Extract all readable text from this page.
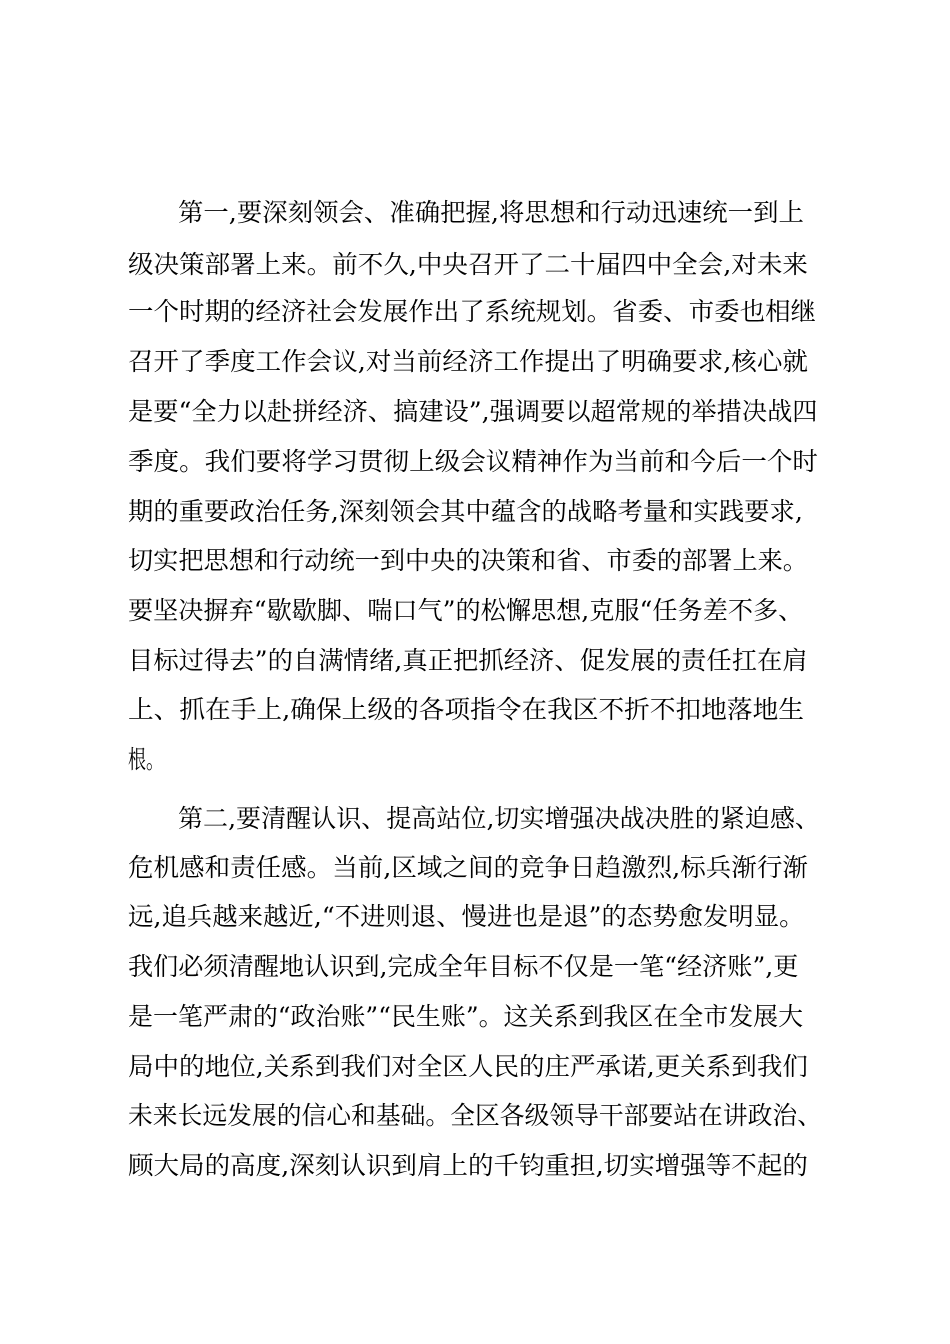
第一,要深刻领会、准确把握,将思想和行动迅速统一到上
级决策部署上来。前不久,中央召开了二十届四中全会,对未来
一个时期的经济社会发展作出了系统规划。省委、市委也相继
召开了季度工作会议,对当前经济工作提出了明确要求,核心就
是要“全力以赴拼经济、搞建设”,强调要以超常规的举措决战四
季度。我们要将学习贯彻上级会议精神作为当前和今后一个时
期的重要政治任务,深刻领会其中蕴含的战略考量和实践要求,
切实把思想和行动统一到中央的决策和省、市委的部署上来。
要坚决摒弃“歇歇脚、喘口气”的松懈思想,克服“任务差不多、
目标过得去”的自满情绪,真正把抓经济、促发展的责任扛在肩
上、抓在手上,确保上级的各项指令在我区不折不扣地落地生
根。
第二,要清醒认识、提高站位,切实增强决战决胜的紧迫感、
危机感和责任感。当前,区域之间的竞争日趋激烈,标兵渐行渐
远,追兵越来越近,“不进则退、慢进也是退”的态势愈发明显。
我们必须清醒地认识到,完成全年目标不仅是一笔“经济账”,更
是一笔严肃的“政治账”“民生账”。这关系到我区在全市发展大
局中的地位,关系到我们对全区人民的庄严承诺,更关系到我们
未来长远发展的信心和基础。全区各级领导干部要站在讲政治、
顾大局的高度,深刻认识到肩上的千钧重担,切实增强等不起的
